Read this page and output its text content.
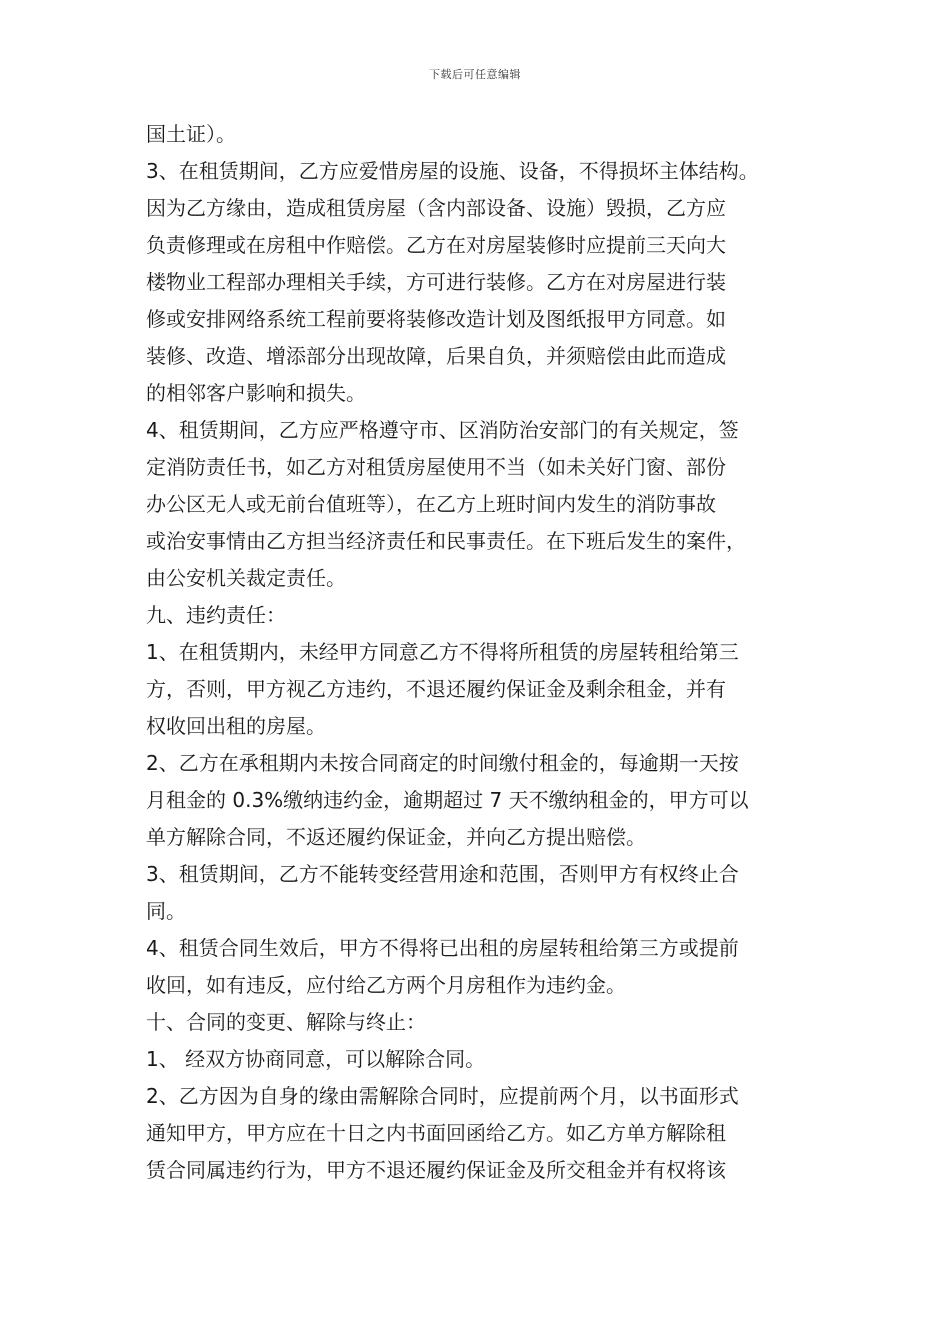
下载后可任意编辑
国土证）。
3、在租赁期间，乙方应爱惜房屋的设施、设备，不得损坏主体结构。
因为乙方缘由，造成租赁房屋（含内部设备、设施）毁损，乙方应
负责修理或在房租中作赔偿。乙方在对房屋装修时应提前三天向大
楼物业工程部办理相关手续，方可进行装修。乙方在对房屋进行装
修或安排网络系统工程前要将装修改造计划及图纸报甲方同意。如
装修、改造、增添部分出现故障，后果自负，并须赔偿由此而造成
的相邻客户影响和损失。
4、租赁期间，乙方应严格遵守市、区消防治安部门的有关规定，签
定消防责任书，如乙方对租赁房屋使用不当（如未关好门窗、部份
办公区无人或无前台值班等），在乙方上班时间内发生的消防事故
或治安事情由乙方担当经济责任和民事责任。在下班后发生的案件，
由公安机关裁定责任。
九、违约责任：
1、在租赁期内，未经甲方同意乙方不得将所租赁的房屋转租给第三
方，否则，甲方视乙方违约，不退还履约保证金及剩余租金，并有
权收回出租的房屋。
2、乙方在承租期内未按合同商定的时间缴付租金的，每逾期一天按
月租金的 0.3%缴纳违约金，逾期超过 7 天不缴纳租金的，甲方可以
单方解除合同，不返还履约保证金，并向乙方提出赔偿。
3、租赁期间，乙方不能转变经营用途和范围，否则甲方有权终止合
同。
4、租赁合同生效后，甲方不得将已出租的房屋转租给第三方或提前
收回，如有违反，应付给乙方两个月房租作为违约金。
十、合同的变更、解除与终止：
1、 经双方协商同意，可以解除合同。
2、乙方因为自身的缘由需解除合同时，应提前两个月，以书面形式
通知甲方，甲方应在十日之内书面回函给乙方。如乙方单方解除租
赁合同属违约行为，甲方不退还履约保证金及所交租金并有权将该
